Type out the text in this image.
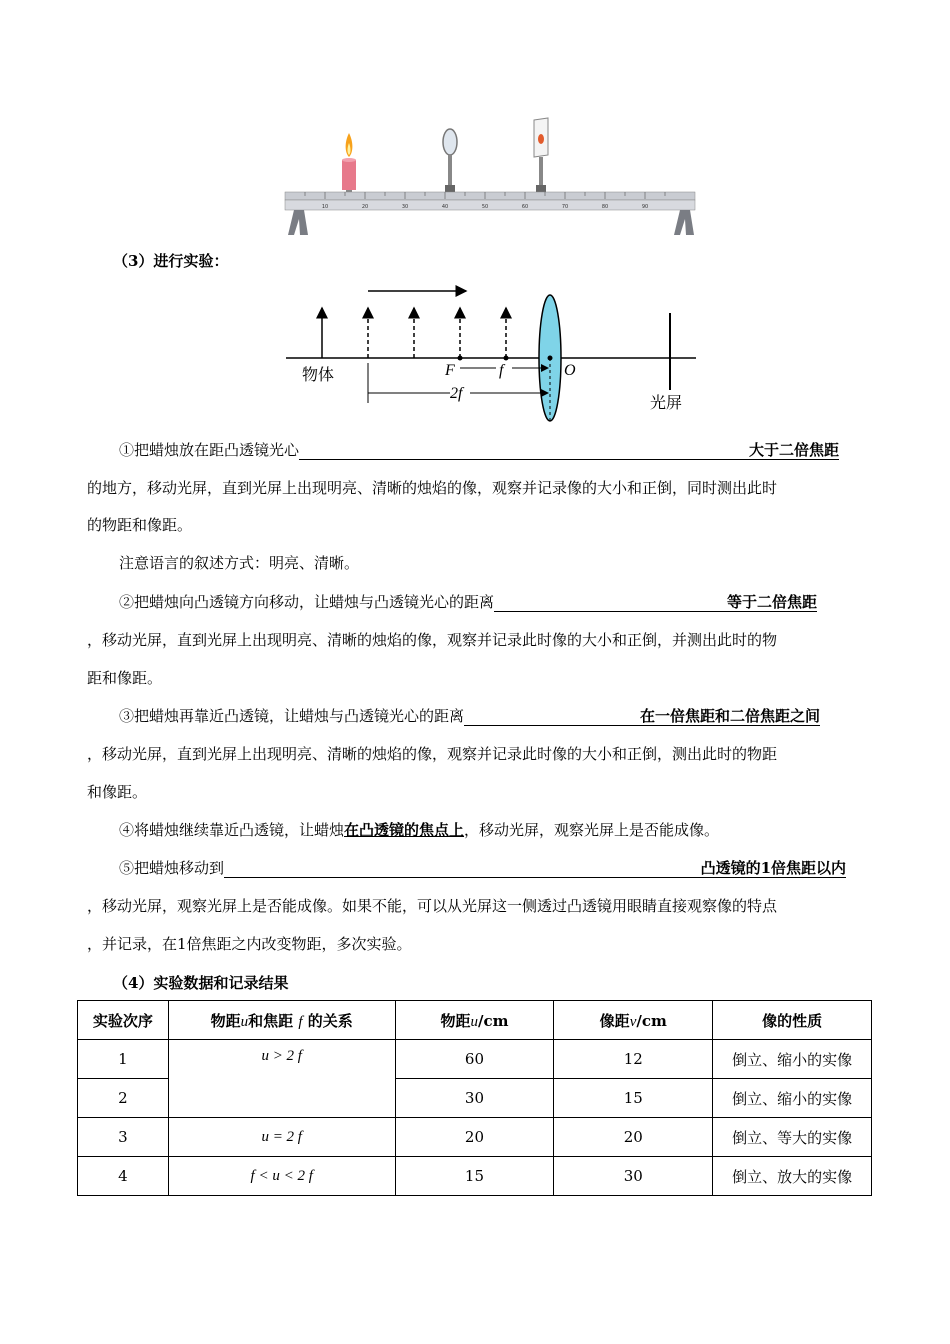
10	20	30	40	50	60	70	80	90
（3）进行实验：
物体	F	f
2f
O
光屏
①把蜡烛放在距凸透镜光心	大于二倍焦距
的地方，移动光屏，直到光屏上出现明亮、清晰的烛焰的像，观察并记录像的大小和正倒，同时测出此时
的物距和像距。
注意语言的叙述方式：明亮、清晰。
②把蜡烛向凸透镜方向移动，让蜡烛与凸透镜光心的距离	等于二倍焦距
，移动光屏，直到光屏上出现明亮、清晰的烛焰的像，观察并记录此时像的大小和正倒，并测出此时的物
距和像距。
③把蜡烛再靠近凸透镜，让蜡烛与凸透镜光心的距离	在一倍焦距和二倍焦距之间
，移动光屏，直到光屏上出现明亮、清晰的烛焰的像，观察并记录此时像的大小和正倒，测出此时的物距
和像距。
④将蜡烛继续靠近凸透镜，让蜡烛在凸透镜的焦点上，移动光屏，观察光屏上是否能成像。
⑤把蜡烛移动到	凸透镜的1倍焦距以内
，移动光屏，观察光屏上是否能成像。如果不能，可以从光屏这一侧透过凸透镜用眼睛直接观察像的特点
，并记录，在1倍焦距之内改变物距，多次实验。
（4）实验数据和记录结果
实验次序	物距u和焦距 f 的关系	物距u/cm	像距v/cm	像的性质
1	u > 2 f	60	12	倒立、缩小的实像
2		30	15	倒立、缩小的实像
3	u = 2 f	20	20	倒立、等大的实像
4	f < u < 2 f	15	30	倒立、放大的实像
